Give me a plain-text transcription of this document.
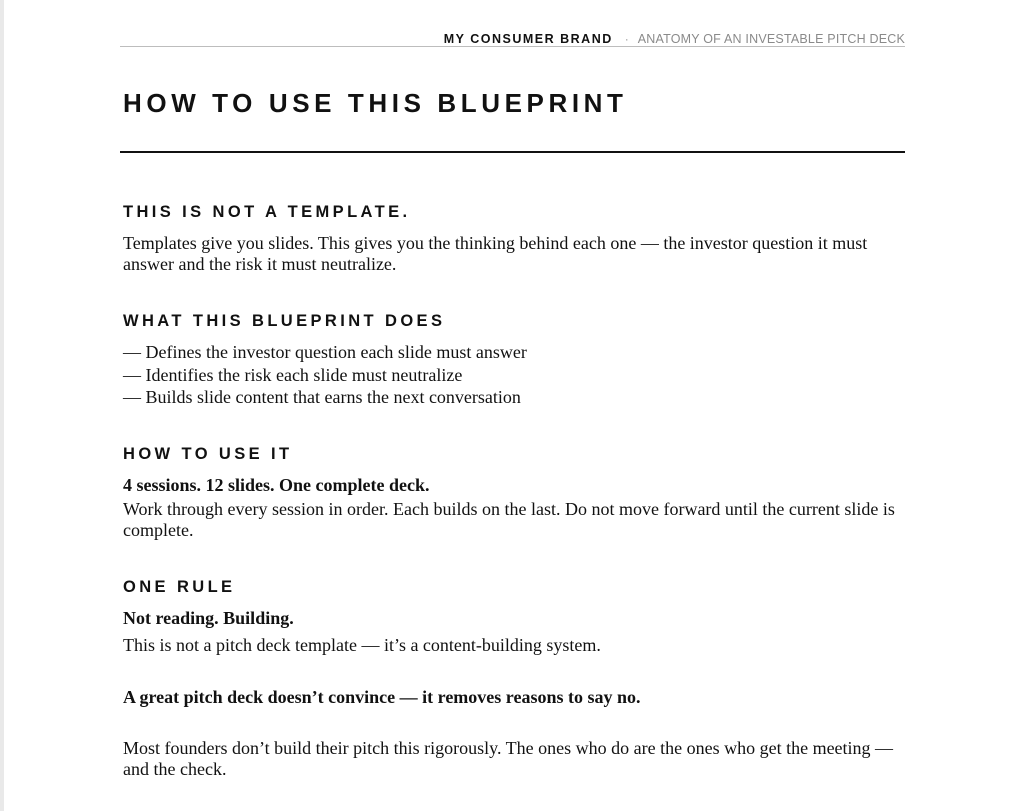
MY CONSUMER BRAND · ANATOMY OF AN INVESTABLE PITCH DECK
HOW TO USE THIS BLUEPRINT
THIS IS NOT A TEMPLATE.

Templates give you slides. This gives you the thinking behind each one — the investor question it must answer and the risk it must neutralize.

WHAT THIS BLUEPRINT DOES
— Defines the investor question each slide must answer
— Identifies the risk each slide must neutralize
— Builds slide content that earns the next conversation
HOW TO USE IT

4 sessions. 12 slides. One complete deck.

Work through every session in order. Each builds on the last. Do not move forward until the current slide is complete.

ONE RULE

Not reading. Building.

This is not a pitch deck template — it’s a content-building system.

A great pitch deck doesn’t convince — it removes reasons to say no.

Most founders don’t build their pitch this rigorously. The ones who do are the ones who get the meeting — and the check.
